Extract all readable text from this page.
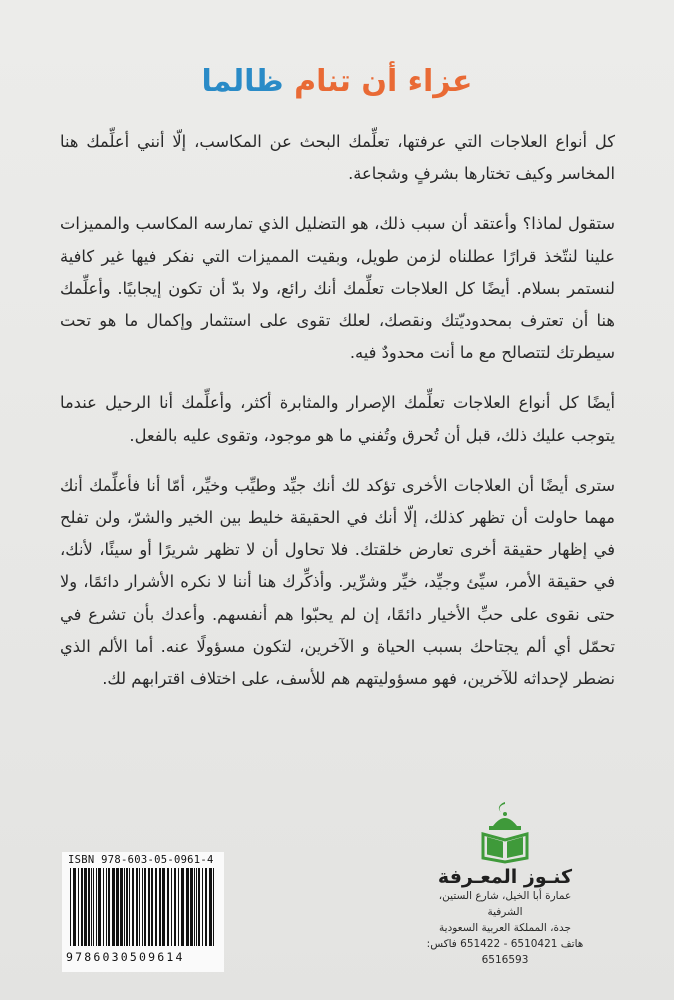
عزاء أن تنام ظالما

كل أنواع العلاجات التي عرفتها، تعلِّمك البحث عن المكاسب، إلّا أنني أعلِّمك هنا المخاسر وكيف تختارها بشرفٍ وشجاعة.

ستقول لماذا؟ وأعتقد أن سبب ذلك، هو التضليل الذي تمارسه المكاسب والمميزات علينا لنتّخذ قرارًا عطلناه لزمن طويل، وبقيت المميزات التي نفكر فيها غير كافية لنستمر بسلام. أيضًا كل العلاجات تعلِّمك أنك رائع، ولا بدّ أن تكون إيجابيًا. وأعلِّمك هنا أن تعترف بمحدوديّتك ونقصك، لعلك تقوى على استثمار وإكمال ما هو تحت سيطرتك لتتصالح مع ما أنت محدودٌ فيه.

أيضًا كل أنواع العلاجات تعلِّمك الإصرار والمثابرة أكثر، وأعلِّمك أنا الرحيل عندما يتوجب عليك ذلك، قبل أن تُحرق وتُفني ما هو موجود، وتقوى عليه بالفعل.

سترى أيضًا أن العلاجات الأخرى تؤكد لك أنك جيِّد وطيِّب وخيِّر، أمّا أنا فأعلِّمك أنك مهما حاولت أن تظهر كذلك، إلّا أنك في الحقيقة خليط بين الخير والشرّ، ولن تفلح في إظهار حقيقة أخرى تعارض خلقتك. فلا تحاول أن لا تظهر شريرًا أو سيئًا، لأنك، في حقيقة الأمر، سيِّئ وجيِّد، خيِّر وشرِّير. وأذكِّرك هنا أننا لا نكره الأشرار دائمًا، ولا حتى نقوى على حبِّ الأخيار دائمًا، إن لم يحبّوا هم أنفسهم. وأعدك بأن تشرع في تحمّل أي ألم يجتاحك بسبب الحياة و الآخرين، لتكون مسؤولًا عنه. أما الألم الذي نضطر لإحداثه للآخرين، فهو مسؤوليتهم هم للأسف، على اختلاف اقترابهم لك.

كنـوز المعـرفة
عمارة أبا الخيل، شارع الستين، الشرفية
جدة، المملكة العربية السعودية
هاتف 6510421 - 651422 فاكس: 6516593
ISBN 978-603-05-0961-4
9786030509614
